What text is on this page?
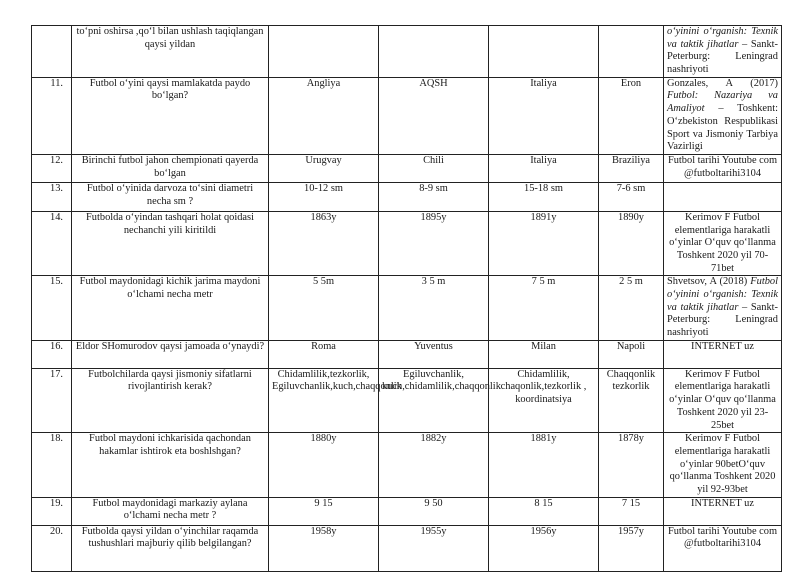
	to‘pni oshirsa ,qo‘l bilan ushlash taqiqlangan qaysi yildan					o‘yinini o‘rganish: Texnik va taktik jihatlar – Sankt-Peterburg: Leningrad nashriyoti
11.	Futbol o‘yini qaysi mamlakatda paydo bo‘lgan?	Angliya	AQSH	Italiya	Eron	Gonzales, A (2017) Futbol: Nazariya va Amaliyot – Toshkent: O‘zbekiston Respublikasi Sport va Jismoniy Tarbiya Vazirligi
12.	Birinchi futbol jahon chempionati qayerda bo‘lgan	Urugvay	Chili	Italiya	Braziliya	Futbol tarihi Youtube com @futboltarihi3104
13.	Futbol o‘yinida darvoza to‘sini diametri necha sm ?	10-12 sm	8-9 sm	15-18 sm	7-6 sm	
14.	Futbolda o‘yindan tashqari holat qoidasi nechanchi yili kiritildi	1863y	1895y	1891y	1890y	Kerimov F Futbol elementlariga harakatli o‘yinlar O‘quv qo‘llanma Toshkent 2020 yil 70-71bet
15.	Futbol maydonidagi kichik jarima maydoni o‘lchami necha metr	5 5m	3 5 m	7 5 m	2 5 m	Shvetsov, A (2018) Futbol o‘yinini o‘rganish: Texnik va taktik jihatlar – Sankt-Peterburg: Leningrad nashriyoti
16.	Eldor SHomurodov qaysi jamoada o‘ynaydi?	Roma	Yuventus	Milan	Napoli	INTERNET uz
17.	Futbolchilarda qaysi jismoniy sifatlarni rivojlantirish kerak?	Chidamlilik,tezkorlik, Egiluvchanlik,kuch,chaqqonlik	Egiluvchanlik, kuch,chidamlilik,chaqqonlik	Chidamlilik, chaqonlik,tezkorlik , koordinatsiya	Chaqqonlik tezkorlik	Kerimov F Futbol elementlariga harakatli o‘yinlar O‘quv qo‘llanma Toshkent 2020 yil 23-25bet
18.	Futbol maydoni ichkarisida qachondan hakamlar ishtirok eta boshlshgan?	1880y	1882y	1881y	1878y	Kerimov F Futbol elementlariga harakatli o‘yinlar 90betO‘quv qo‘llanma Toshkent 2020 yil 92-93bet
19.	Futbol maydonidagi markaziy aylana o‘lchami necha metr ?	9 15	9 50	8 15	7 15	INTERNET uz
20.	Futbolda qaysi yildan o‘yinchilar raqamda tushushlari majburiy qilib belgilangan?	1958y	1955y	1956y	1957y	Futbol tarihi Youtube com @futboltarihi3104
